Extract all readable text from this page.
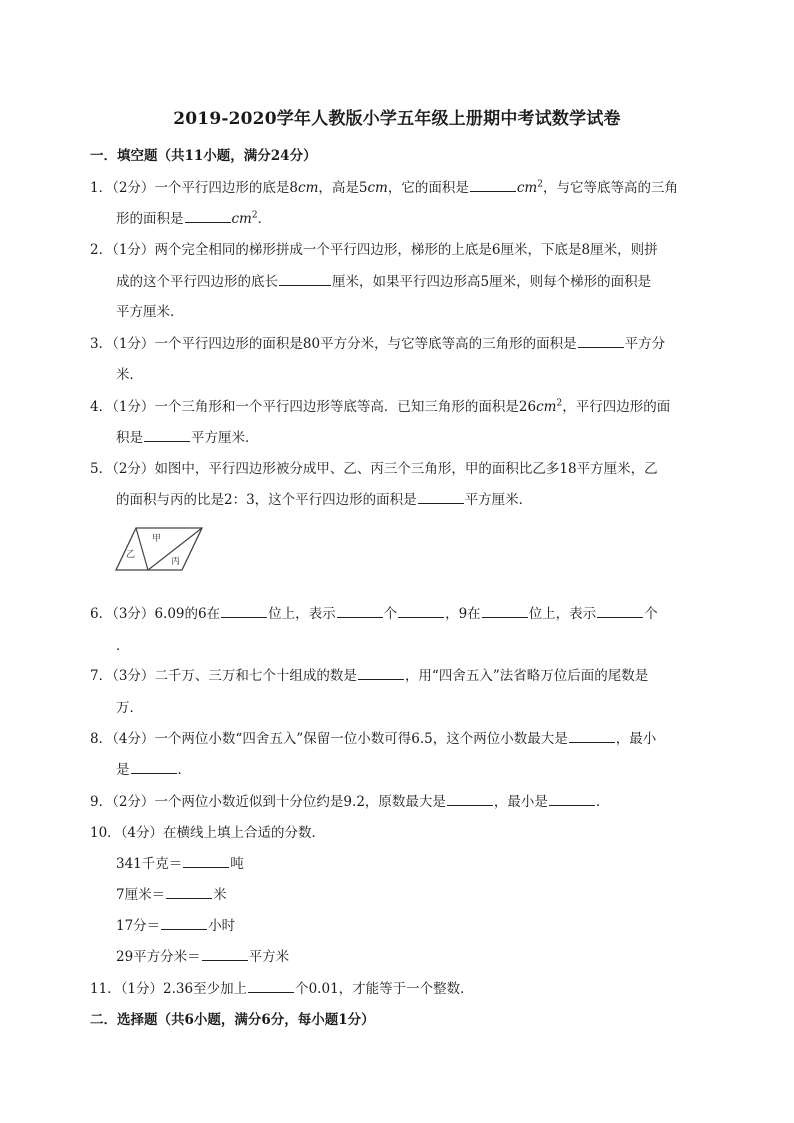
2019-2020学年人教版小学五年级上册期中考试数学试卷
一．填空题（共11小题，满分24分）
1．（2分）一个平行四边形的底是8cm，高是5cm，它的面积是	$cm^2$，与它等底等高的三角
形的面积是	$cm^2$．
2．（1分）两个完全相同的梯形拼成一个平行四边形，梯形的上底是6厘米，下底是8厘米，则拼
成的这个平行四边形的底长	厘米，如果平行四边形高5厘米，则每个梯形的面积是
平方厘米．
3．（1分）一个平行四边形的面积是80平方分米，与它等底等高的三角形的面积是	平方分
米．
4．（1分）一个三角形和一个平行四边形等底等高．已知三角形的面积是$26cm^2$，平行四边形的面
积是	平方厘米．
5．（2分）如图中，平行四边形被分成甲、乙、丙三个三角形，甲的面积比乙多18平方厘米，乙
的面积与丙的比是2：3，这个平行四边形的面积是	平方厘米．
甲
乙
丙
6．（3分）6.09的6在	位上，表示	个	，9在	位上，表示	个
．
7．（3分）二千万、三万和七个十组成的数是	，用“四舍五入”法省略万位后面的尾数是
万．
8．（4分）一个两位小数“四舍五入”保留一位小数可得6.5，这个两位小数最大是	，最小
是	．
9．（2分）一个两位小数近似到十分位约是9.2，原数最大是	，最小是	．
10．（4分）在横线上填上合适的分数．
341千克＝	吨
7厘米＝	米
17分＝	小时
29平方分米＝	平方米
11．（1分）2.36至少加上	个0.01，才能等于一个整数．
二．选择题（共6小题，满分6分，每小题1分）
